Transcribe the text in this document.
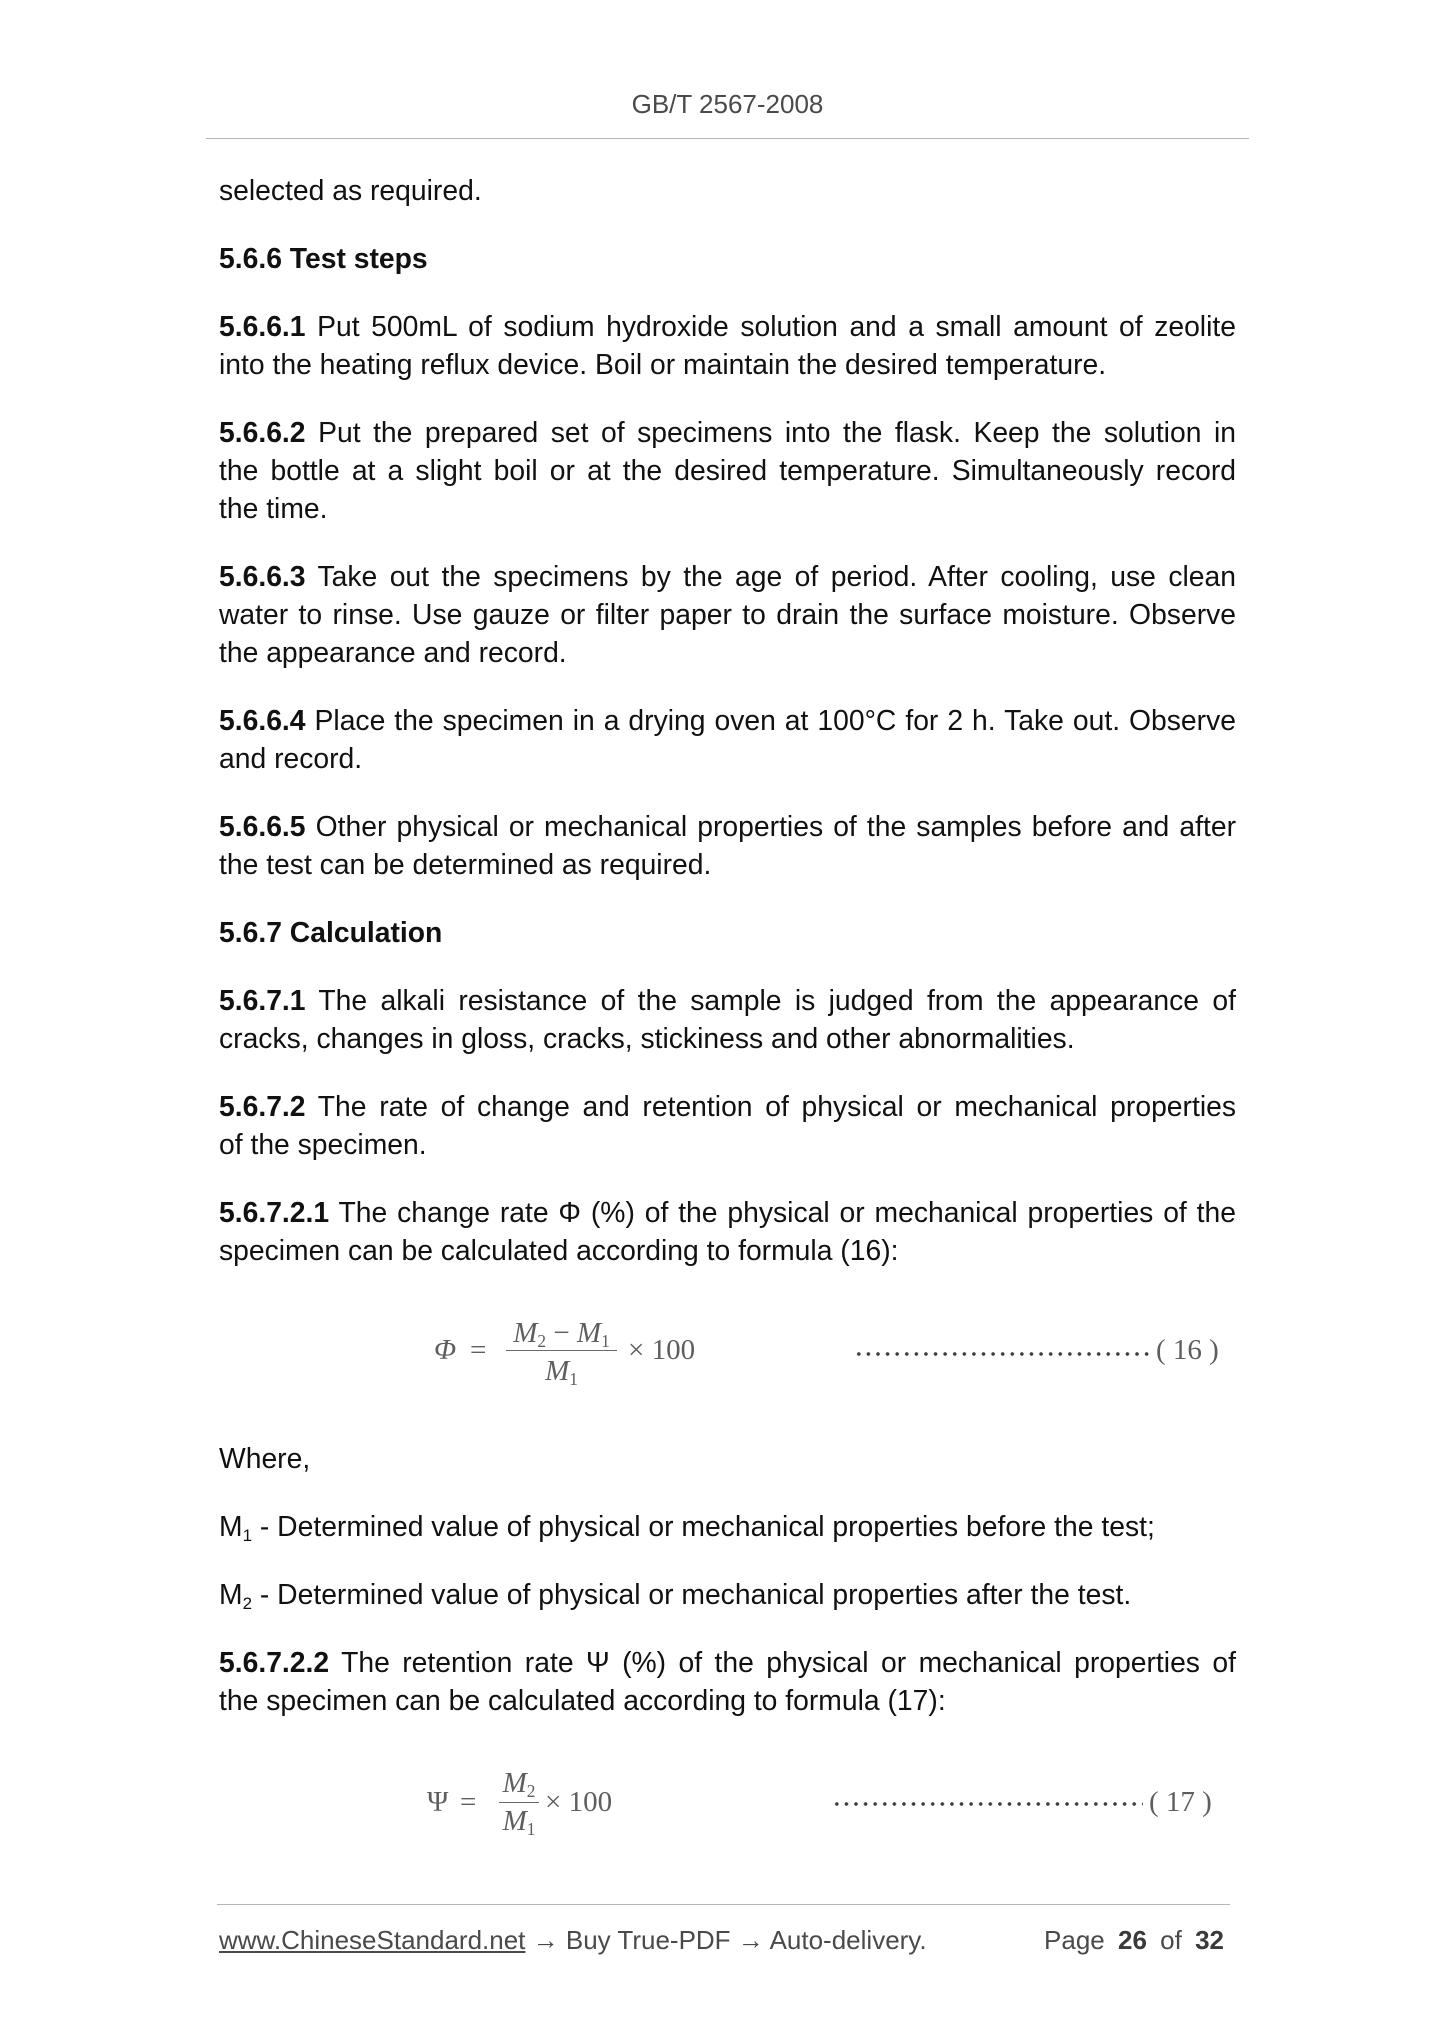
GB/T 2567-2008
selected as required.
5.6.6 Test steps
5.6.6.1 Put 500mL of sodium hydroxide solution and a small amount of zeolite
into the heating reflux device. Boil or maintain the desired temperature.
5.6.6.2 Put the prepared set of specimens into the flask. Keep the solution in
the bottle at a slight boil or at the desired temperature. Simultaneously record
the time.
5.6.6.3 Take out the specimens by the age of period. After cooling, use clean
water to rinse. Use gauze or filter paper to drain the surface moisture. Observe
the appearance and record.
5.6.6.4 Place the specimen in a drying oven at 100°C for 2 h. Take out. Observe
and record.
5.6.6.5 Other physical or mechanical properties of the samples before and after
the test can be determined as required.
5.6.7 Calculation
5.6.7.1 The alkali resistance of the sample is judged from the appearance of
cracks, changes in gloss, cracks, stickiness and other abnormalities.
5.6.7.2 The rate of change and retention of physical or mechanical properties
of the specimen.
5.6.7.2.1 The change rate Φ (%) of the physical or mechanical properties of the
specimen can be calculated according to formula (16):
Φ =
$M_2 - M_1$
$M_1$
× 100	( 16 )
Where,
$M_1$ - Determined value of physical or mechanical properties before the test;
$M_2$ - Determined value of physical or mechanical properties after the test.
5.6.7.2.2 The retention rate Ψ (%) of the physical or mechanical properties of
the specimen can be calculated according to formula (17):
Ψ =
$M_2$
$M_1$
× 100	( 17 )
www.ChineseStandard.net → Buy True-PDF → Auto-delivery.	Page 26 of 32
